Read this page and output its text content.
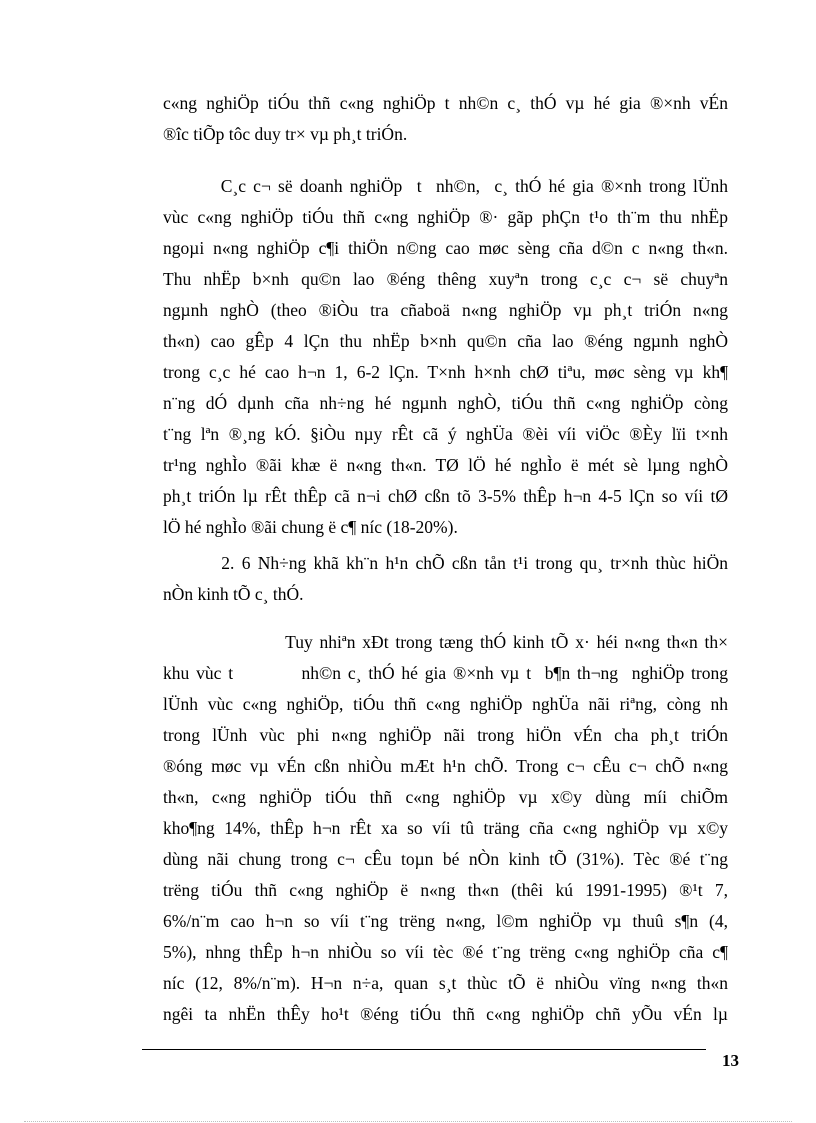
c«ng nghiÖp tiÓu thñ c«ng nghiÖp t nh©n c¸ thÓ vµ hé gia ®×nh vÉn
®îc tiÕp tôc duy tr× vµ ph¸t triÓn.
C¸c c¬ së doanh nghiÖp  t  nh©n,  c¸ thÓ hé gia ®×nh trong lÜnh
vùc c«ng nghiÖp tiÓu thñ c«ng nghiÖp ®· gãp phÇn t¹o th¨m thu nhËp
ngoµi n«ng nghiÖp c¶i thiÖn n©ng cao møc sèng cña d©n c n«ng th«n.
Thu nhËp b×nh qu©n lao ®éng thêng xuyªn trong c¸c c¬ së chuyªn
ngµnh nghÒ (theo ®iÒu tra cñaboä n«ng nghiÖp vµ ph¸t triÓn n«ng
th«n) cao gÊp 4 lÇn thu nhËp b×nh qu©n cña lao ®éng ngµnh nghÒ
trong c¸c hé cao h¬n 1, 6-2 lÇn. T×nh h×nh chØ tiªu, møc sèng vµ kh¶
n¨ng dÓ dµnh cña nh÷ng hé ngµnh nghÒ, tiÓu thñ c«ng nghiÖp còng
t¨ng lªn ®¸ng kÓ. §iÒu nµy rÊt cã ý nghÜa ®èi víi viÖc ®Èy lïi t×nh
tr¹ng nghÌo ®ãi khæ ë n«ng th«n. TØ lÖ hé nghÌo ë mét sè lµng nghÒ
ph¸t triÓn lµ rÊt thÊp cã n¬i chØ cßn tõ 3-5% thÊp h¬n 4-5 lÇn so víi tØ
lÖ hé nghÌo ®ãi chung ë c¶ níc (18-20%).
2. 6 Nh÷ng khã kh¨n h¹n chÕ cßn tån t¹i trong qu¸ tr×nh thùc hiÖn
nÒn kinh tÕ c¸ thÓ.
Tuy nhiªn xÐt trong tæng thÓ kinh tÕ x· héi n«ng th«n th×
khu vùc t          nh©n c¸ thÓ hé gia ®×nh vµ t  b¶n th¬ng  nghiÖp trong
lÜnh vùc c«ng nghiÖp, tiÓu thñ c«ng nghiÖp nghÜa nãi riªng, còng nh
trong lÜnh vùc phi n«ng nghiÖp nãi trong hiÖn vÉn cha ph¸t triÓn
®óng møc vµ vÉn cßn nhiÒu mÆt h¹n chÕ. Trong c¬ cÊu c¬ chÕ n«ng
th«n, c«ng nghiÖp tiÓu thñ c«ng nghiÖp vµ x©y dùng míi chiÕm
kho¶ng 14%, thÊp h¬n rÊt xa so víi tû träng cña c«ng nghiÖp vµ x©y
dùng nãi chung trong c¬ cÊu toµn bé nÒn kinh tÕ (31%). Tèc ®é t¨ng
trëng tiÓu thñ c«ng nghiÖp ë n«ng th«n (thêi kú 1991-1995) ®¹t 7,
6%/n¨m cao h¬n so víi t¨ng trëng n«ng, l©m nghiÖp vµ thuû s¶n (4,
5%), nhng thÊp h¬n nhiÒu so víi tèc ®é t¨ng trëng c«ng nghiÖp cña c¶
níc (12, 8%/n¨m). H¬n n÷a, quan s¸t thùc tÕ ë nhiÒu vïng n«ng th«n
ngêi ta nhËn thÊy ho¹t ®éng tiÓu thñ c«ng nghiÖp chñ yÕu vÉn lµ
13
